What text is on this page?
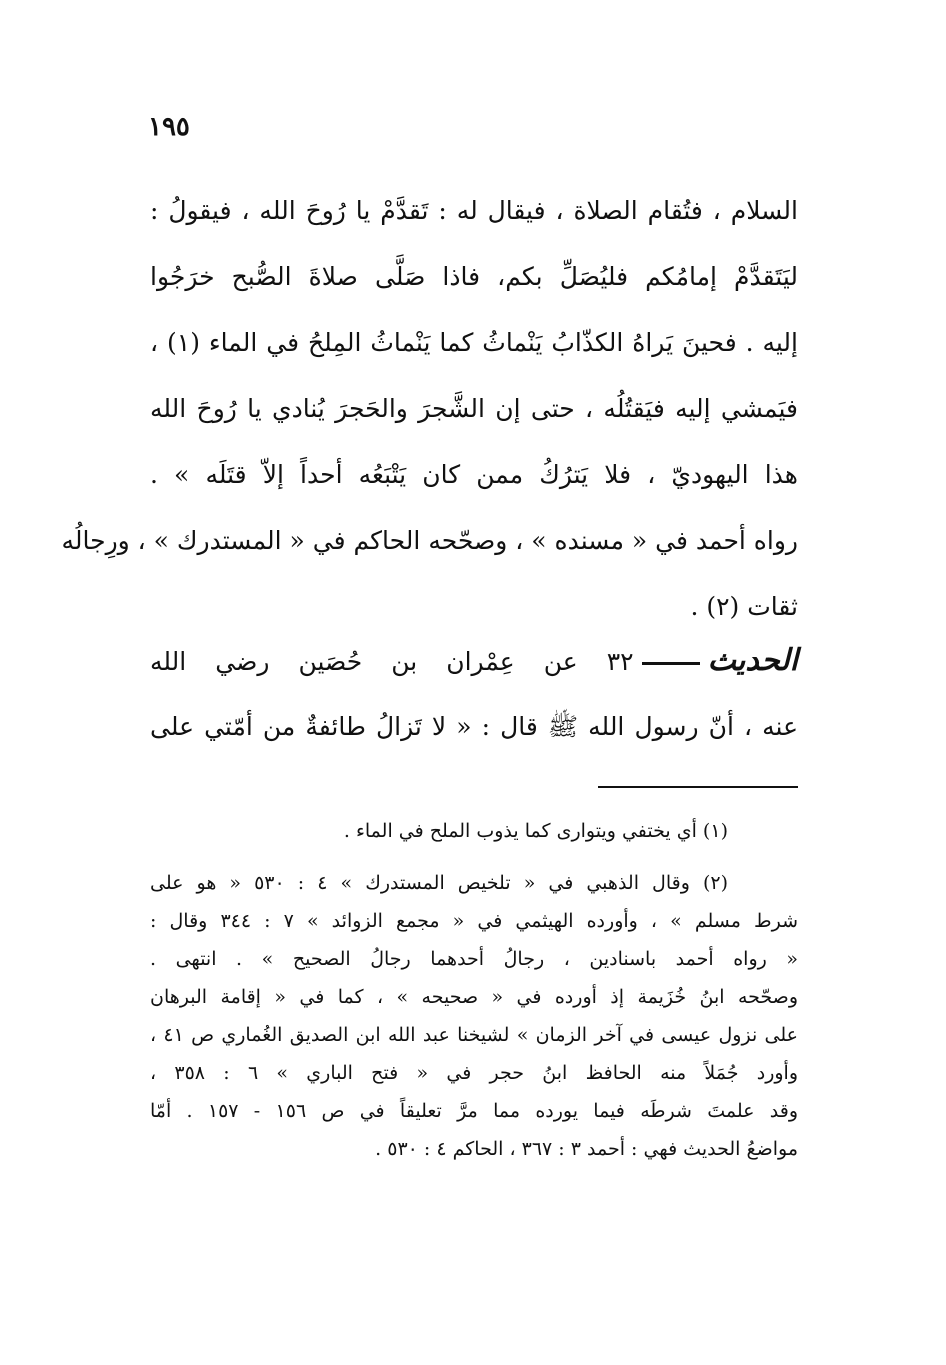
١٩٥
السلام ، فتُقام الصلاة ، فيقال له : تَقدَّمْ يا رُوحَ الله ، فيقولُ :
ليَتَقدَّمْ إمامُكم فليُصَلِّ بكم، فاذا صَلَّى صلاةَ الصُّبح خرَجُوا
إليه . فحينَ يَراهُ الكذّابُ يَنْماثُ كما يَنْماثُ المِلحُ في الماء (١) ،
فيَمشي إليه فيَقتُلُه ، حتى إن الشَّجرَ والحَجرَ يُنادي يا رُوحَ الله
هذا اليهوديّ ، فلا يَترُكُ ممن كان يَتْبَعُه أحداً إلاّ قتَلَه » .
رواه أحمد في « مسنده » ، وصحّحه الحاكم في « المستدرك » ، ورِجالُه
ثقات (٢) .
الحديث٣٢ عن عِمْران بن حُصَين رضي الله
عنه ، أنّ رسول الله ﷺ قال : « لا تَزالُ طائفةٌ من أمّتي على
(١) أي يختفي ويتوارى كما يذوب الملح في الماء .
(٢) وقال الذهبي في « تلخيص المستدرك » ٤ : ٥٣٠ « هو على
شرط مسلم » ، وأورده الهيثمي في « مجمع الزوائد » ٧ : ٣٤٤ وقال :
« رواه أحمد باسنادين ، رجالُ أحدهما رجالُ الصحيح » . انتهى .
وصحّحه ابنُ خُزَيمة إذ أورده في « صحيحه » ، كما في « إقامة البرهان
على نزول عيسى في آخر الزمان » لشيخنا عبد الله ابن الصديق الغُماري ص ٤١ ،
وأورد جُمَلاً منه الحافظ ابنُ حجر في « فتح الباري » ٦ : ٣٥٨ ،
وقد علمتَ شرطَه فيما يورده مما مرَّ تعليقاً في ص ١٥٦ - ١٥٧ . أمّا
مواضعُ الحديث فهي : أحمد ٣ : ٣٦٧ ، الحاكم ٤ : ٥٣٠ .
